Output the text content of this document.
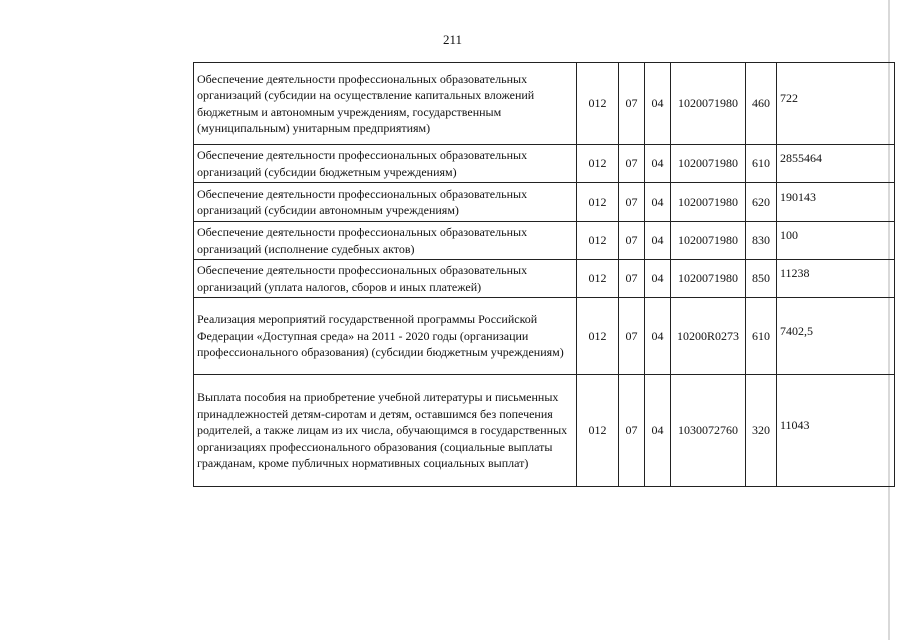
211
Обеспечение деятельности профессиональных образовательных организаций (субсидии на осуществление капитальных вложений бюджетным и автономным учреждениям, государственным (муниципальным) унитарным предприятиям)	012	07	04	1020071980	460	722
Обеспечение деятельности профессиональных образовательных организаций (субсидии бюджетным учреждениям)	012	07	04	1020071980	610	2855464
Обеспечение деятельности профессиональных образовательных организаций (субсидии автономным учреждениям)	012	07	04	1020071980	620	190143
Обеспечение деятельности профессиональных образовательных организаций (исполнение судебных актов)	012	07	04	1020071980	830	100
Обеспечение деятельности профессиональных образовательных организаций (уплата налогов, сборов и иных платежей)	012	07	04	1020071980	850	11238
Реализация мероприятий государственной программы Российской Федерации «Доступная среда» на 2011 - 2020 годы (организации профессионального образования) (субсидии бюджетным учреждениям)	012	07	04	10200R0273	610	7402,5
Выплата пособия на приобретение учебной литературы и письменных принадлежностей детям-сиротам и детям, оставшимся без попечения родителей, а также лицам из их числа, обучающимся в государственных организациях профессионального образования (социальные выплаты гражданам, кроме публичных нормативных социальных выплат)	012	07	04	1030072760	320	11043
